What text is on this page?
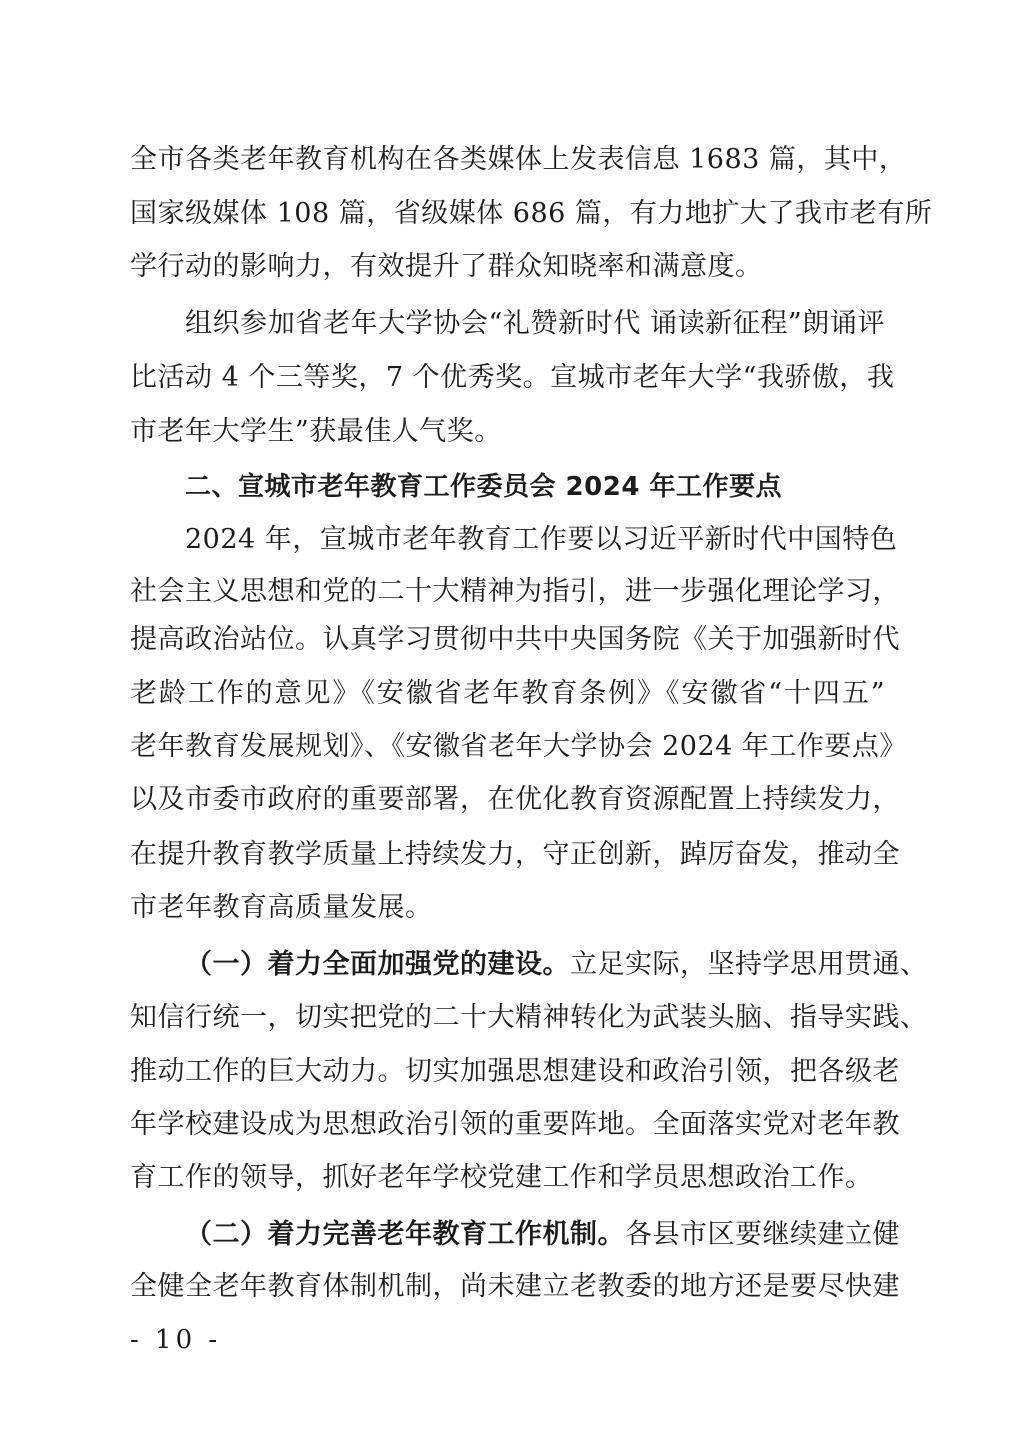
全市各类老年教育机构在各类媒体上发表信息 1683 篇，其中，
国家级媒体 108 篇，省级媒体 686 篇，有力地扩大了我市老有所
学行动的影响力，有效提升了群众知晓率和满意度。
组织参加省老年大学协会“礼赞新时代 诵读新征程”朗诵评
比活动 4 个三等奖，7 个优秀奖。宣城市老年大学“我骄傲，我
市老年大学生”获最佳人气奖。
二、宣城市老年教育工作委员会 2024 年工作要点
2024 年，宣城市老年教育工作要以习近平新时代中国特色
社会主义思想和党的二十大精神为指引，进一步强化理论学习，
提高政治站位。认真学习贯彻中共中央国务院《关于加强新时代
老龄工作的意见》《安徽省老年教育条例》《安徽省“十四五”
老年教育发展规划》、《安徽省老年大学协会 2024 年工作要点》
以及市委市政府的重要部署，在优化教育资源配置上持续发力，
在提升教育教学质量上持续发力，守正创新，踔厉奋发，推动全
市老年教育高质量发展。
（一）着力全面加强党的建设。立足实际，坚持学思用贯通、
知信行统一，切实把党的二十大精神转化为武装头脑、指导实践、
推动工作的巨大动力。切实加强思想建设和政治引领，把各级老
年学校建设成为思想政治引领的重要阵地。全面落实党对老年教
育工作的领导，抓好老年学校党建工作和学员思想政治工作。
（二）着力完善老年教育工作机制。各县市区要继续建立健
全健全老年教育体制机制，尚未建立老教委的地方还是要尽快建
- 10 -
